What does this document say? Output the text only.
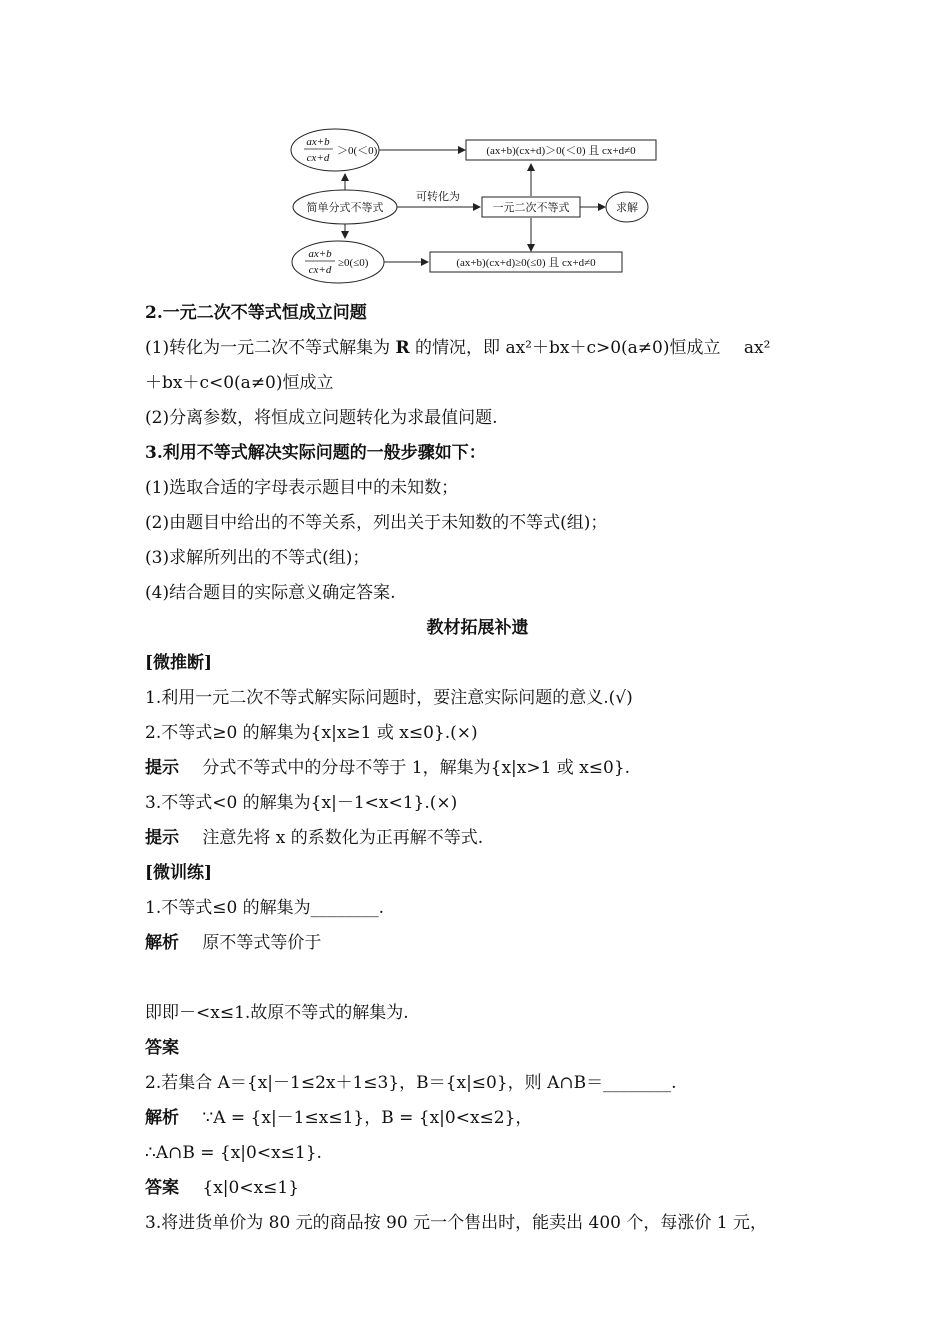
ax+b
cx+d
＞0(＜0)	(ax+b)(cx+d)＞0(＜0) 且 cx+d≠0
简单分式不等式
可转化为
一元二次不等式	求解
ax+b
cx+d
≥0(≤0)	(ax+b)(cx+d)≥0(≤0) 且 cx+d≠0
2.一元二次不等式恒成立问题
(1)转化为一元二次不等式解集为 R 的情况，即 ax²＋bx＋c>0(a≠0)恒成立 ax²
＋bx＋c<0(a≠0)恒成立
(2)分离参数，将恒成立问题转化为求最值问题.
3.利用不等式解决实际问题的一般步骤如下：
(1)选取合适的字母表示题目中的未知数；
(2)由题目中给出的不等关系，列出关于未知数的不等式(组)；
(3)求解所列出的不等式(组)；
(4)结合题目的实际意义确定答案.
教材拓展补遗
[微推断]
1.利用一元二次不等式解实际问题时，要注意实际问题的意义.(√)
2.不等式≥0 的解集为{x|x≥1 或 x≤0}.(×)
提示 分式不等式中的分母不等于 1，解集为{x|x>1 或 x≤0}.
3.不等式<0 的解集为{x|－1<x<1}.(×)
提示 注意先将 x 的系数化为正再解不等式.
[微训练]
1.不等式≤0 的解集为________.
解析 原不等式等价于
即即－<x≤1.故原不等式的解集为.
答案
2.若集合 A＝{x|－1≤2x＋1≤3}，B＝{x|≤0}，则 A∩B＝________.
解析 ∵A = {x|－1≤x≤1}，B = {x|0<x≤2}，
∴A∩B = {x|0<x≤1}.
答案 {x|0<x≤1}
3.将进货单价为 80 元的商品按 90 元一个售出时，能卖出 400 个，每涨价 1 元，
